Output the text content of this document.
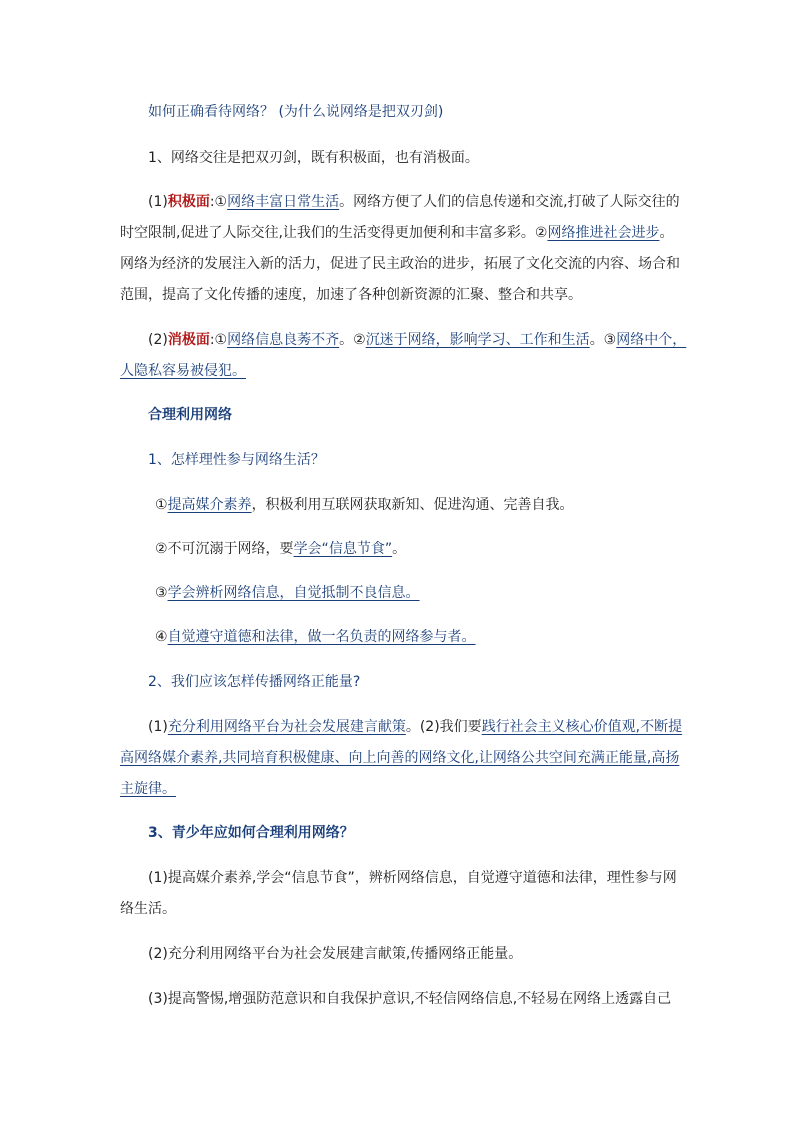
如何正确看待网络？ (为什么说网络是把双刃剑)
1、网络交往是把双刃剑，既有积极面，也有消极面。
(1)积极面:①网络丰富日常生活。网络方便了人们的信息传递和交流,打破了人际交往的
时空限制,促进了人际交往,让我们的生活变得更加便利和丰富多彩。②网络推进社会进步。
网络为经济的发展注入新的活力，促进了民主政治的进步，拓展了文化交流的内容、场合和
范围，提高了文化传播的速度，加速了各种创新资源的汇聚、整合和共享。
(2)消极面:①网络信息良莠不齐。②沉迷于网络，影响学习、工作和生活。③网络中个，
人隐私容易被侵犯。
合理利用网络
1、怎样理性参与网络生活？
①提高媒介素养，积极利用互联网获取新知、促进沟通、完善自我。
②不可沉溺于网络，要学会“信息节食”。
③学会辨析网络信息，自觉抵制不良信息。
④自觉遵守道德和法律，做一名负责的网络参与者。
2、我们应该怎样传播网络正能量?
(1)充分利用网络平台为社会发展建言献策。(2)我们要践行社会主义核心价值观,不断提
高网络媒介素养,共同培育积极健康、向上向善的网络文化,让网络公共空间充满正能量,高扬
主旋律。
3、青少年应如何合理利用网络？
(1)提高媒介素养,学会“信息节食”，辨析网络信息，自觉遵守道德和法律，理性参与网
络生活。
(2)充分利用网络平台为社会发展建言献策,传播网络正能量。
(3)提高警惕,增强防范意识和自我保护意识,不轻信网络信息,不轻易在网络上透露自己
